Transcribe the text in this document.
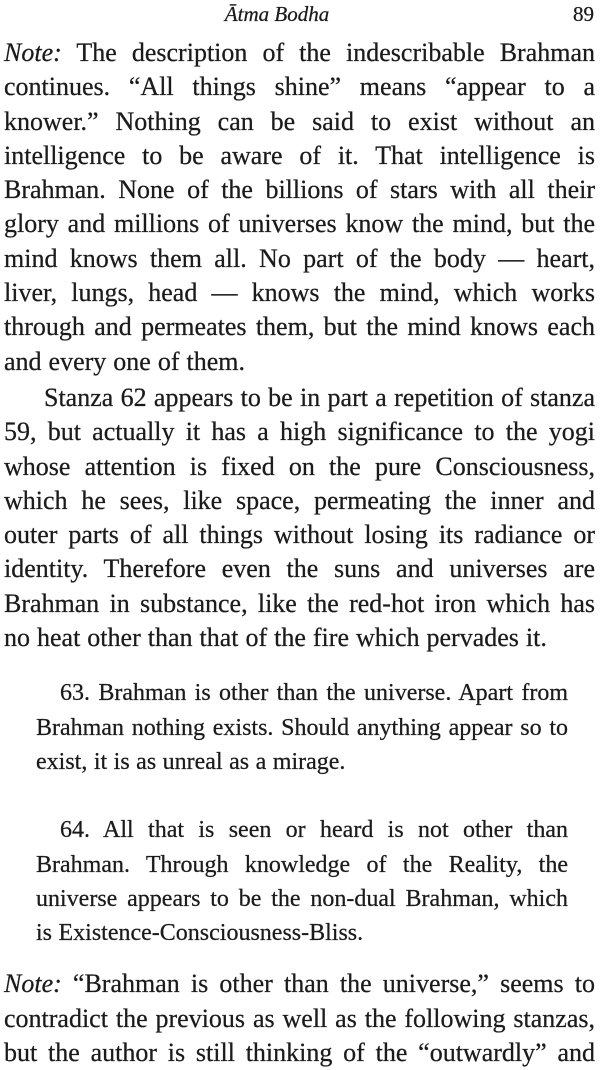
Ātma Bodha	89
Note: The description of the indescribable Brahman
continues. “All things shine” means “appear to a
knower.” Nothing can be said to exist without an
intelligence to be aware of it. That intelligence is
Brahman. None of the billions of stars with all their
glory and millions of universes know the mind, but the
mind knows them all. No part of the body — heart,
liver, lungs, head — knows the mind, which works
through and permeates them, but the mind knows each
and every one of them.
Stanza 62 appears to be in part a repetition of stanza
59, but actually it has a high significance to the yogi
whose attention is fixed on the pure Consciousness,
which he sees, like space, permeating the inner and
outer parts of all things without losing its radiance or
identity. Therefore even the suns and universes are
Brahman in substance, like the red-hot iron which has
no heat other than that of the fire which pervades it.
63. Brahman is other than the universe. Apart from
Brahman nothing exists. Should anything appear so to
exist, it is as unreal as a mirage.
64. All that is seen or heard is not other than
Brahman. Through knowledge of the Reality, the
universe appears to be the non-dual Brahman, which
is Existence-Consciousness-Bliss.
Note: “Brahman is other than the universe,” seems to
contradict the previous as well as the following stanzas,
but the author is still thinking of the “outwardly” and
